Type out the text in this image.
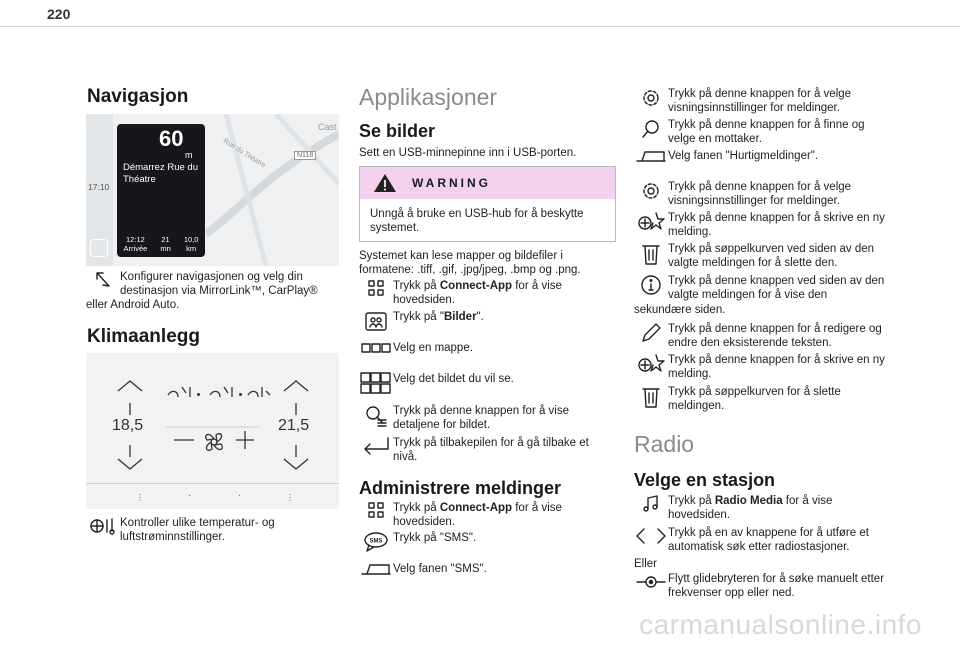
220
Navigasjon
17:10
Cast
Rue du Théatre	N118
60
m
Démarrez Rue du Théatre
12:12
Arrivée
21
mn
10,0
km
Konfigurer navigasjonen og velg din
destinasjon via MirrorLink™, CarPlay®
eller Android Auto.
Klimaanlegg
18,5	21,5
⋮	·	·	⋮
Kontroller ulike temperatur- og luftstrøminnstillinger.
Applikasjoner
Se bilder
Sett en USB-minnepinne inn i USB-porten.
WARNING
Unngå å bruke en USB-hub for å beskytte systemet.
Systemet kan lese mapper og bildefiler i formatene: .tiff, .gif, .jpg/jpeg, .bmp og .png.
Trykk på Connect-App for å vise hovedsiden.
Trykk på "Bilder".
Velg en mappe.
Velg det bildet du vil se.
Trykk på denne knappen for å vise detaljene for bildet.
Trykk på tilbakepilen for å gå tilbake et nivå.
Administrere meldinger
Trykk på Connect-App for å vise hovedsiden.
SMS Trykk på "SMS".
Velg fanen "SMS".
Trykk på denne knappen for å velge visningsinnstillinger for meldinger.
Trykk på denne knappen for å finne og velge en mottaker.
Velg fanen "Hurtigmeldinger".
Trykk på denne knappen for å velge visningsinnstillinger for meldinger.
Trykk på denne knappen for å skrive en ny melding.
Trykk på søppelkurven ved siden av den valgte meldingen for å slette den.
Trykk på denne knappen ved siden av den valgte meldingen for å vise den
sekundære siden.
Trykk på denne knappen for å redigere og endre den eksisterende teksten.
Trykk på denne knappen for å skrive en ny melding.
Trykk på søppelkurven for å slette meldingen.
Radio
Velge en stasjon
Trykk på Radio Media for å vise hovedsiden.
Trykk på en av knappene for å utføre et automatisk søk etter radiostasjoner.
Eller
Flytt glidebryteren for å søke manuelt etter frekvenser opp eller ned.
carmanualsonline.info
